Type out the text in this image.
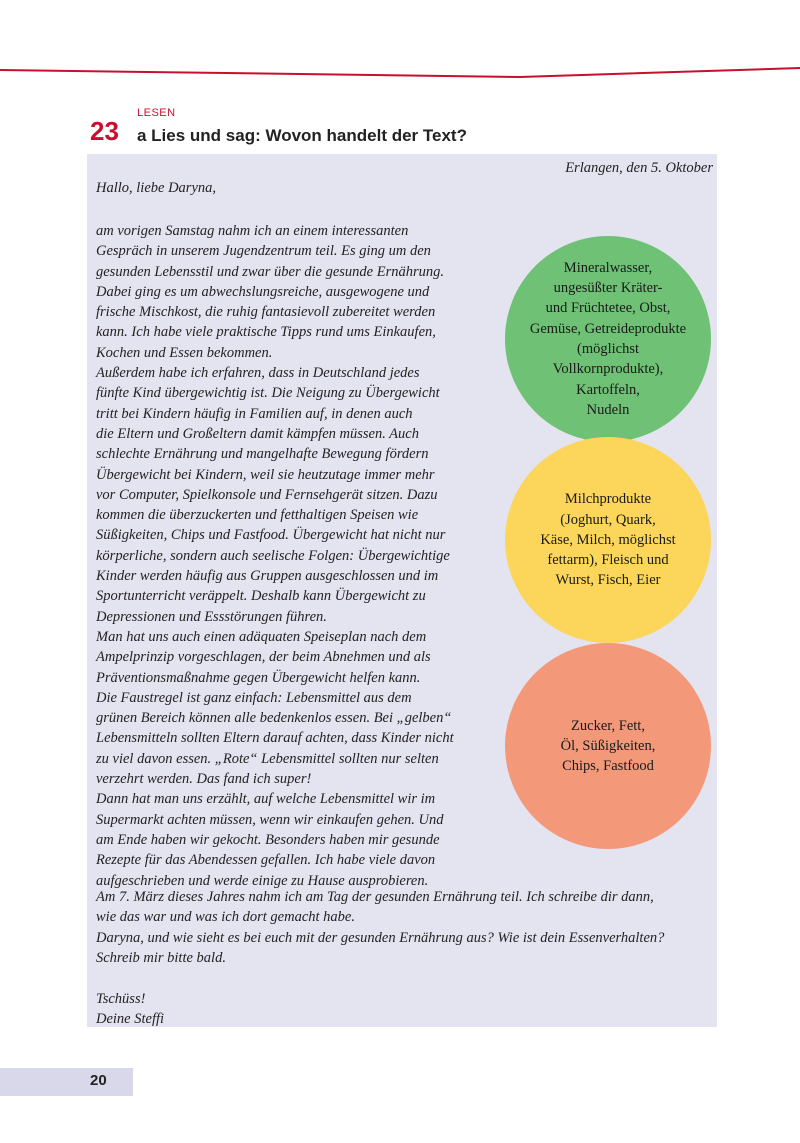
23
LESEN
a Lies und sag: Wovon handelt der Text?
Erlangen, den 5. Oktober
Hallo, liebe Daryna,
am vorigen Samstag nahm ich an einem interessanten
Gespräch in unserem Jugendzentrum teil. Es ging um den
gesunden Lebensstil und zwar über die gesunde Ernährung.
Dabei ging es um abwechslungsreiche, ausgewogene und
frische Mischkost, die ruhig fantasievoll zubereitet werden
kann. Ich habe viele praktische Tipps rund ums Einkaufen,
Kochen und Essen bekommen.
Außerdem habe ich erfahren, dass in Deutschland jedes
fünfte Kind übergewichtig ist. Die Neigung zu Übergewicht
tritt bei Kindern häufig in Familien auf, in denen auch
die Eltern und Großeltern damit kämpfen müssen. Auch
schlechte Ernährung und mangelhafte Bewegung fördern
Übergewicht bei Kindern, weil sie heutzutage immer mehr
vor Computer, Spielkonsole und Fernsehgerät sitzen. Dazu
kommen die überzuckerten und fetthaltigen Speisen wie
Süßigkeiten, Chips und Fastfood. Übergewicht hat nicht nur
körperliche, sondern auch seelische Folgen: Übergewichtige
Kinder werden häufig aus Gruppen ausgeschlossen und im
Sportunterricht veräppelt. Deshalb kann Übergewicht zu
Depressionen und Essstörungen führen.
Man hat uns auch einen adäquaten Speiseplan nach dem
Ampelprinzip vorgeschlagen, der beim Abnehmen und als
Präventionsmaßnahme gegen Übergewicht helfen kann.
Die Faustregel ist ganz einfach: Lebensmittel aus dem
grünen Bereich können alle bedenkenlos essen. Bei „gelben“
Lebensmitteln sollten Eltern darauf achten, dass Kinder nicht
zu viel davon essen. „Rote“ Lebensmittel sollten nur selten
verzehrt werden. Das fand ich super!
Dann hat man uns erzählt, auf welche Lebensmittel wir im
Supermarkt achten müssen, wenn wir einkaufen gehen. Und
am Ende haben wir gekocht. Besonders haben mir gesunde
Rezepte für das Abendessen gefallen. Ich habe viele davon
aufgeschrieben und werde einige zu Hause ausprobieren.
Am 7. März dieses Jahres nahm ich am Tag der gesunden Ernährung teil. Ich schreibe dir dann,
wie das war und was ich dort gemacht habe.
Daryna, und wie sieht es bei euch mit der gesunden Ernährung aus? Wie ist dein Essenverhalten?
Schreib mir bitte bald.
Tschüss!
Deine Steffi
Mineralwasser,
ungesüßter Kräter-
und Früchtetee, Obst,
Gemüse, Getreideprodukte
(möglichst
Vollkornprodukte),
Kartoffeln,
Nudeln
Milchprodukte
(Joghurt, Quark,
Käse, Milch, möglichst
fettarm), Fleisch und
Wurst, Fisch, Eier
Zucker, Fett,
Öl, Süßigkeiten,
Chips, Fastfood
20
